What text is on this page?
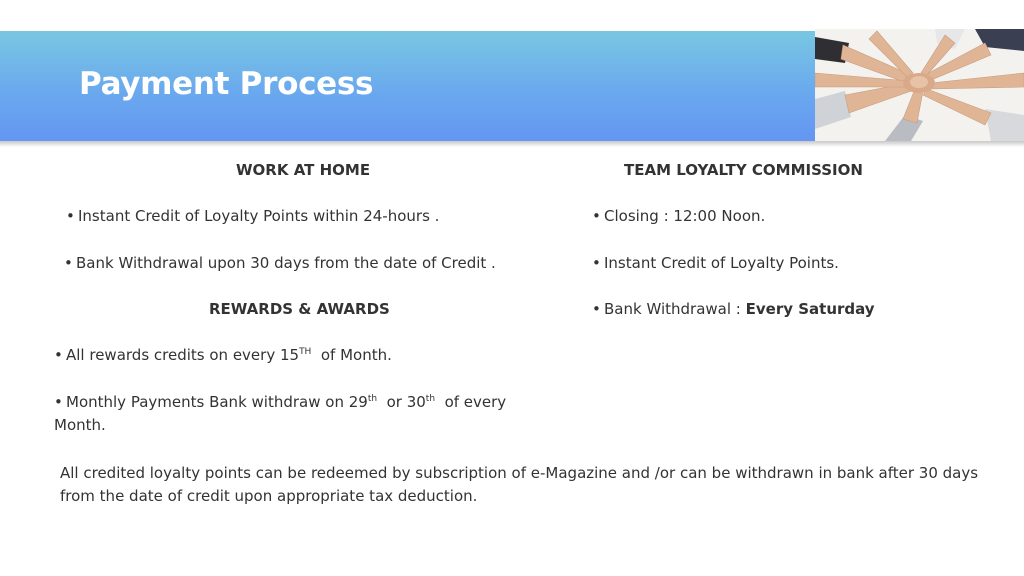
Payment Process
WORK AT HOME
• Instant Credit of Loyalty Points within 24-hours .
• Bank Withdrawal upon 30 days from the date of Credit .
REWARDS & AWARDS
• All rewards credits on every 15TH of Month.
• Monthly Payments Bank withdraw on 29th or 30th of every
Month.
TEAM LOYALTY COMMISSION
• Closing : 12:00 Noon.
• Instant Credit of Loyalty Points.
• Bank Withdrawal : Every Saturday
All credited loyalty points can be redeemed by subscription of e-Magazine and /or can be withdrawn in bank after 30 days from the date of credit upon appropriate tax deduction.
